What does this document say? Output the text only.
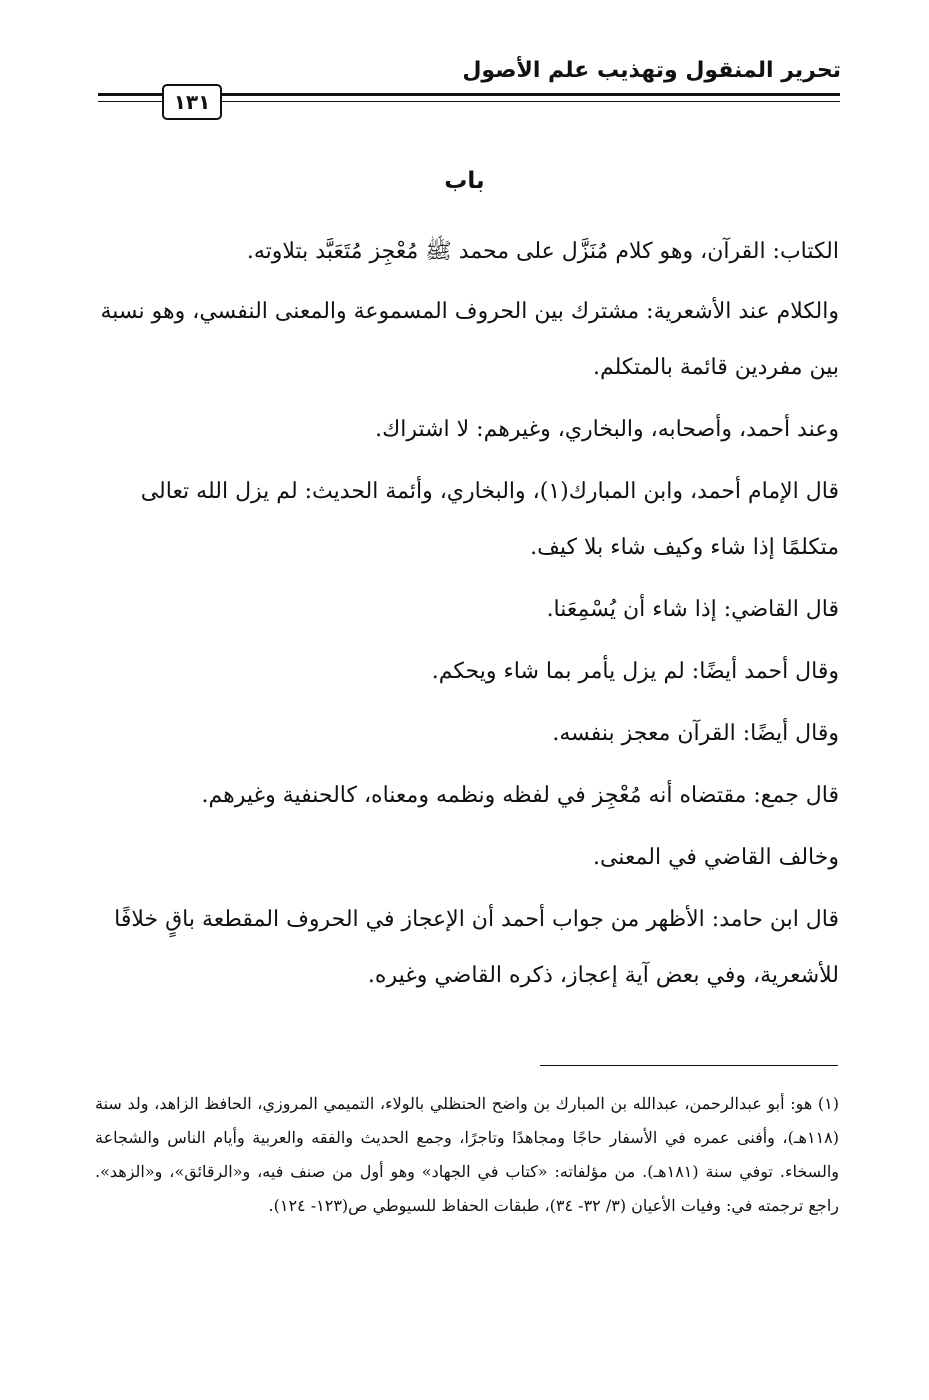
تحرير المنقول وتهذيب علم الأصول
١٣١
باب

الكتاب: القرآن، وهو كلام مُنَزَّل على محمد ﷺ مُعْجِز مُتَعَبَّد بتلاوته.

والكلام عند الأشعرية: مشترك بين الحروف المسموعة والمعنى النفسي، وهو نسبة بين مفردين قائمة بالمتكلم.

وعند أحمد، وأصحابه، والبخاري، وغيرهم: لا اشتراك.

قال الإمام أحمد، وابن المبارك(١)، والبخاري، وأئمة الحديث: لم يزل الله تعالى متكلمًا إذا شاء وكيف شاء بلا كيف.

قال القاضي: إذا شاء أن يُسْمِعَنا.

وقال أحمد أيضًا: لم يزل يأمر بما شاء ويحكم.

وقال أيضًا: القرآن معجز بنفسه.

قال جمع: مقتضاه أنه مُعْجِز في لفظه ونظمه ومعناه، كالحنفية وغيرهم.

وخالف القاضي في المعنى.

قال ابن حامد: الأظهر من جواب أحمد أن الإعجاز في الحروف المقطعة باقٍ خلافًا للأشعرية، وفي بعض آية إعجاز، ذكره القاضي وغيره.

(١) هو: أبو عبدالرحمن، عبدالله بن المبارك بن واضح الحنظلي بالولاء، التميمي المروزي، الحافظ الزاهد، ولد سنة (١١٨هـ)، وأفنى عمره في الأسفار حاجًا ومجاهدًا وتاجرًا، وجمع الحديث والفقه والعربية وأيام الناس والشجاعة والسخاء. توفي سنة (١٨١هـ). من مؤلفاته: «كتاب في الجهاد» وهو أول من صنف فيه، و«الرقائق»، و«الزهد». راجع ترجمته في: وفيات الأعيان (٣/ ٣٢- ٣٤)، طبقات الحفاظ للسيوطي ص(١٢٣- ١٢٤).
